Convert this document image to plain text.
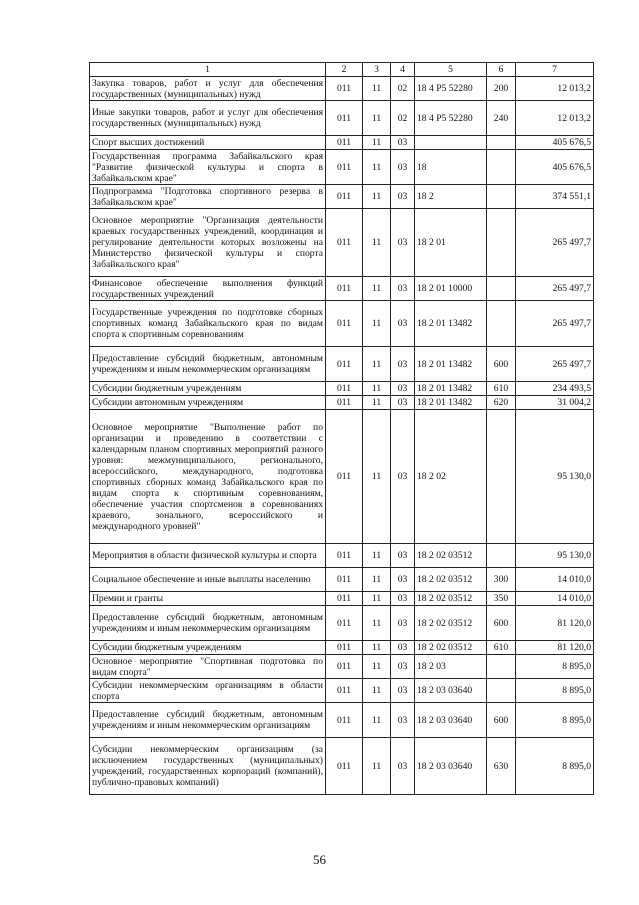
1	2	3	4	5	6	7
Закупка товаров, работ и услуг для обеспечения государственных (муниципальных) нужд	011	11	02	18 4 P5 52280	200	12 013,2
Иные закупки товаров, работ и услуг для обеспечения государственных (муниципальных) нужд	011	11	02	18 4 P5 52280	240	12 013,2
Спорт высших достижений	011	11	03			405 676,5
Государственная программа Забайкальского края "Развитие физической культуры и спорта в Забайкальском крае"	011	11	03	18		405 676,5
Подпрограмма "Подготовка спортивного резерва в Забайкальском крае"	011	11	03	18 2		374 551,1
Основное мероприятие "Организация деятельности краевых государственных учреждений, координация и регулирование деятельности которых возложены на Министерство физической культуры и спорта Забайкальского края"	011	11	03	18 2 01		265 497,7
Финансовое обеспечение выполнения функций государственных учреждений	011	11	03	18 2 01 10000		265 497,7
Государственные учреждения по подготовке сборных спортивных команд Забайкальского края по видам спорта к спортивным соревнованиям	011	11	03	18 2 01 13482		265 497,7
Предоставление субсидий бюджетным, автономным учреждениям и иным некоммерческим организациям	011	11	03	18 2 01 13482	600	265 497,7
Субсидии бюджетным учреждениям	011	11	03	18 2 01 13482	610	234 493,5
Субсидии автономным учреждениям	011	11	03	18 2 01 13482	620	31 004,2
Основное мероприятие "Выполнение работ по организации и проведению в соответствии с календарным планом спортивных мероприятий разного уровня: межмуниципального, регионального, всероссийского, международного, подготовка спортивных сборных команд Забайкальского края по видам спорта к спортивным соревнованиям, обеспечение участия спортсменов в соревнованиях краевого, зонального, всероссийского и международного уровней"	011	11	03	18 2 02		95 130,0
Мероприятия в области физической культуры и спорта	011	11	03	18 2 02 03512		95 130,0
Социальное обеспечение и иные выплаты населению	011	11	03	18 2 02 03512	300	14 010,0
Премии и гранты	011	11	03	18 2 02 03512	350	14 010,0
Предоставление субсидий бюджетным, автономным учреждениям и иным некоммерческим организациям	011	11	03	18 2 02 03512	600	81 120,0
Субсидии бюджетным учреждениям	011	11	03	18 2 02 03512	610	81 120,0
Основное мероприятие "Спортивная подготовка по видам спорта"	011	11	03	18 2 03		8 895,0
Субсидии некоммерческим организациям в области спорта	011	11	03	18 2 03 03640		8 895,0
Предоставление субсидий бюджетным, автономным учреждениям и иным некоммерческим организациям	011	11	03	18 2 03 03640	600	8 895,0
Субсидии некоммерческим организациям (за исключением государственных (муниципальных) учреждений, государственных корпораций (компаний), публично-правовых компаний)	011	11	03	18 2 03 03640	630	8 895,0
56
